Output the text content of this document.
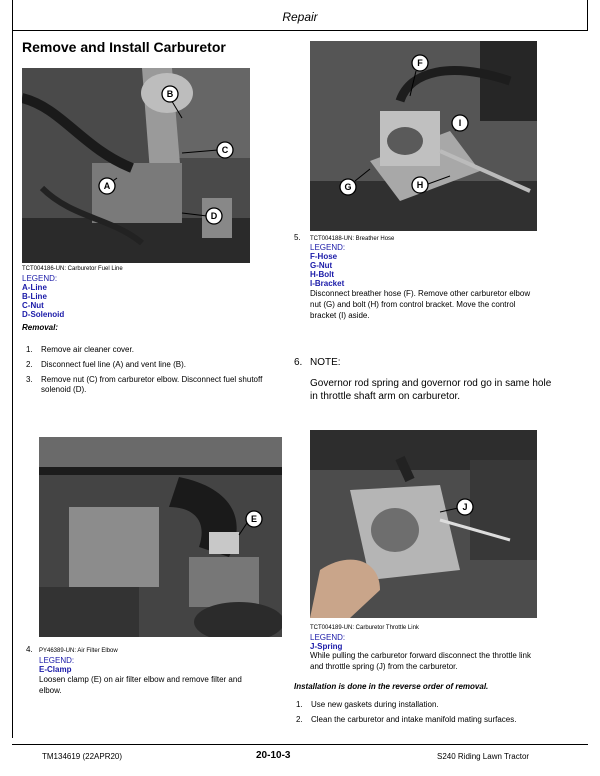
Repair
Remove and Install Carburetor
B
C
A
D
TCT004186-UN: Carburetor Fuel Line
LEGEND:
A-Line
B-Line
C-Nut
D-Solenoid
Removal:
1. Remove air cleaner cover.
2. Disconnect fuel line (A) and vent line (B).
3. Remove nut (C) from carburetor elbow. Disconnect fuel shutoff
solenoid (D).
F
I
G	H
5. TCT004188-UN: Breather Hose
LEGEND:
F-Hose
G-Nut
H-Bolt
I-Bracket
Disconnect breather hose (F). Remove other carburetor elbow
nut (G) and bolt (H) from control bracket. Move the control
bracket (I) aside.
6. NOTE:
Governor rod spring and governor rod go in same hole
in throttle shaft arm on carburetor.
E
4. PY46389-UN: Air Filter Elbow
LEGEND:
E-Clamp
Loosen clamp (E) on air filter elbow and remove filter and
elbow.
J
TCT004189-UN: Carburetor Throttle Link
LEGEND:
J-Spring
7. While pulling the carburetor forward disconnect the throttle link
and throttle spring (J) from the carburetor.
Installation is done in the reverse order of removal.
1. Use new gaskets during installation.
2. Clean the carburetor and intake manifold mating surfaces.
TM134619 (22APR20)	20-10-3	S240 Riding Lawn Tractor
